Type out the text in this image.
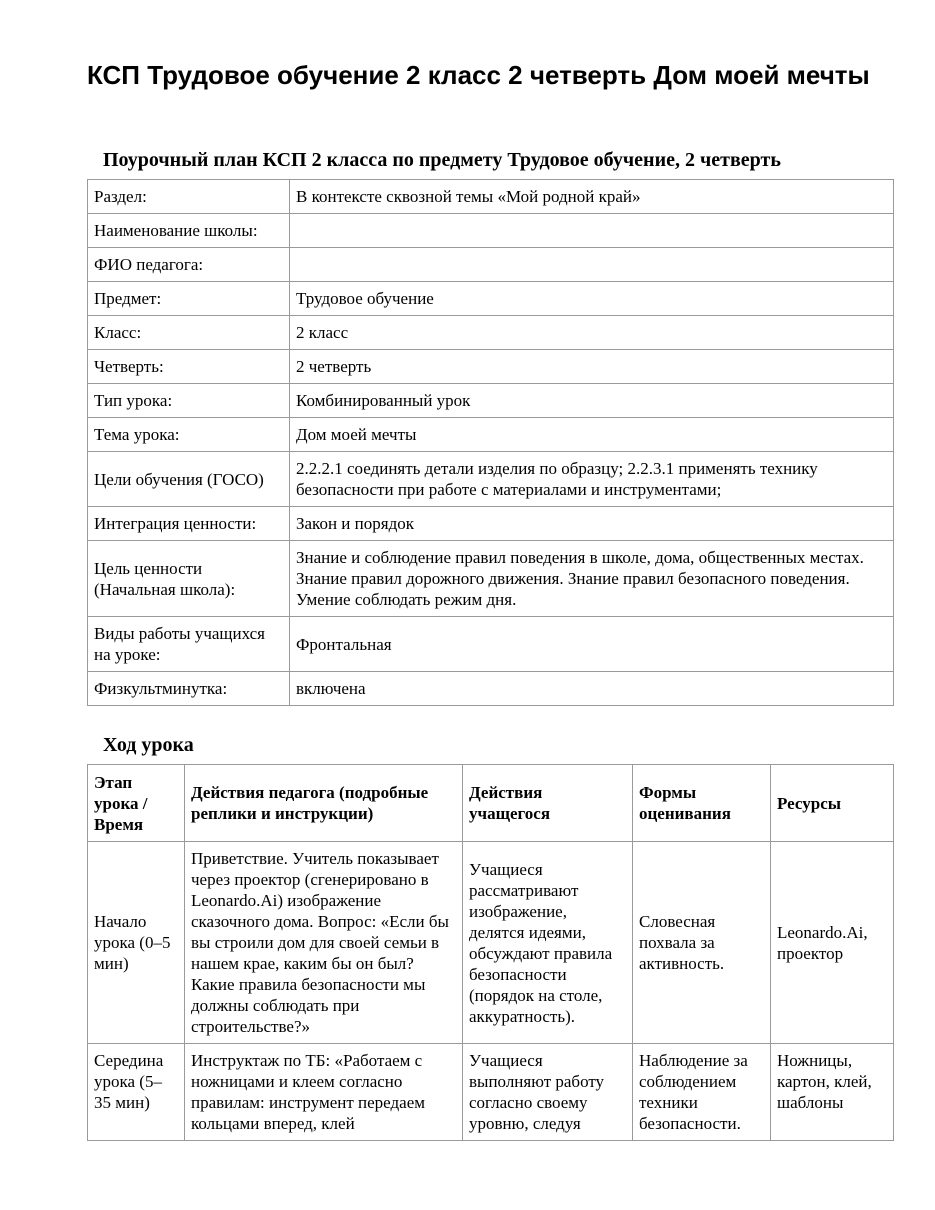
КСП Трудовое обучение 2 класс 2 четверть Дом моей мечты
Поурочный план КСП 2 класса по предмету Трудовое обучение, 2 четверть
Раздел:	В контексте сквозной темы «Мой родной край»
Наименование школы:	
ФИО педагога:	
Предмет:	Трудовое обучение
Класс:	2 класс
Четверть:	2 четверть
Тип урока:	Комбинированный урок
Тема урока:	Дом моей мечты
Цели обучения (ГОСО)	2.2.2.1 соединять детали изделия по образцу; 2.2.3.1 применять технику безопасности при работе с материалами и инструментами;
Интеграция ценности:	Закон и порядок
Цель ценности (Начальная школа):	Знание и соблюдение правил поведения в школе, дома, общественных местах. Знание правил дорожного движения. Знание правил безопасного поведения. Умение соблюдать режим дня.
Виды работы учащихся на уроке:	Фронтальная
Физкультминутка:	включена
Ход урока
Этап урока / Время	Действия педагога (подробные реплики и инструкции)	Действия учащегося	Формы оценивания	Ресурсы
Начало урока (0–5 мин)	Приветствие. Учитель показывает через проектор (сгенерировано в Leonardo.Ai) изображение сказочного дома. Вопрос: «Если бы вы строили дом для своей семьи в нашем крае, каким бы он был? Какие правила безопасности мы должны соблюдать при строительстве?»	Учащиеся рассматривают изображение, делятся идеями, обсуждают правила безопасности (порядок на столе, аккуратность).	Словесная похвала за активность.	Leonardo.Ai, проектор
Середина урока (5–35 мин)	Инструктаж по ТБ: «Работаем с ножницами и клеем согласно правилам: инструмент передаем кольцами вперед, клей	Учащиеся выполняют работу согласно своему уровню, следуя	Наблюдение за соблюдением техники безопасности.	Ножницы, картон, клей, шаблоны
